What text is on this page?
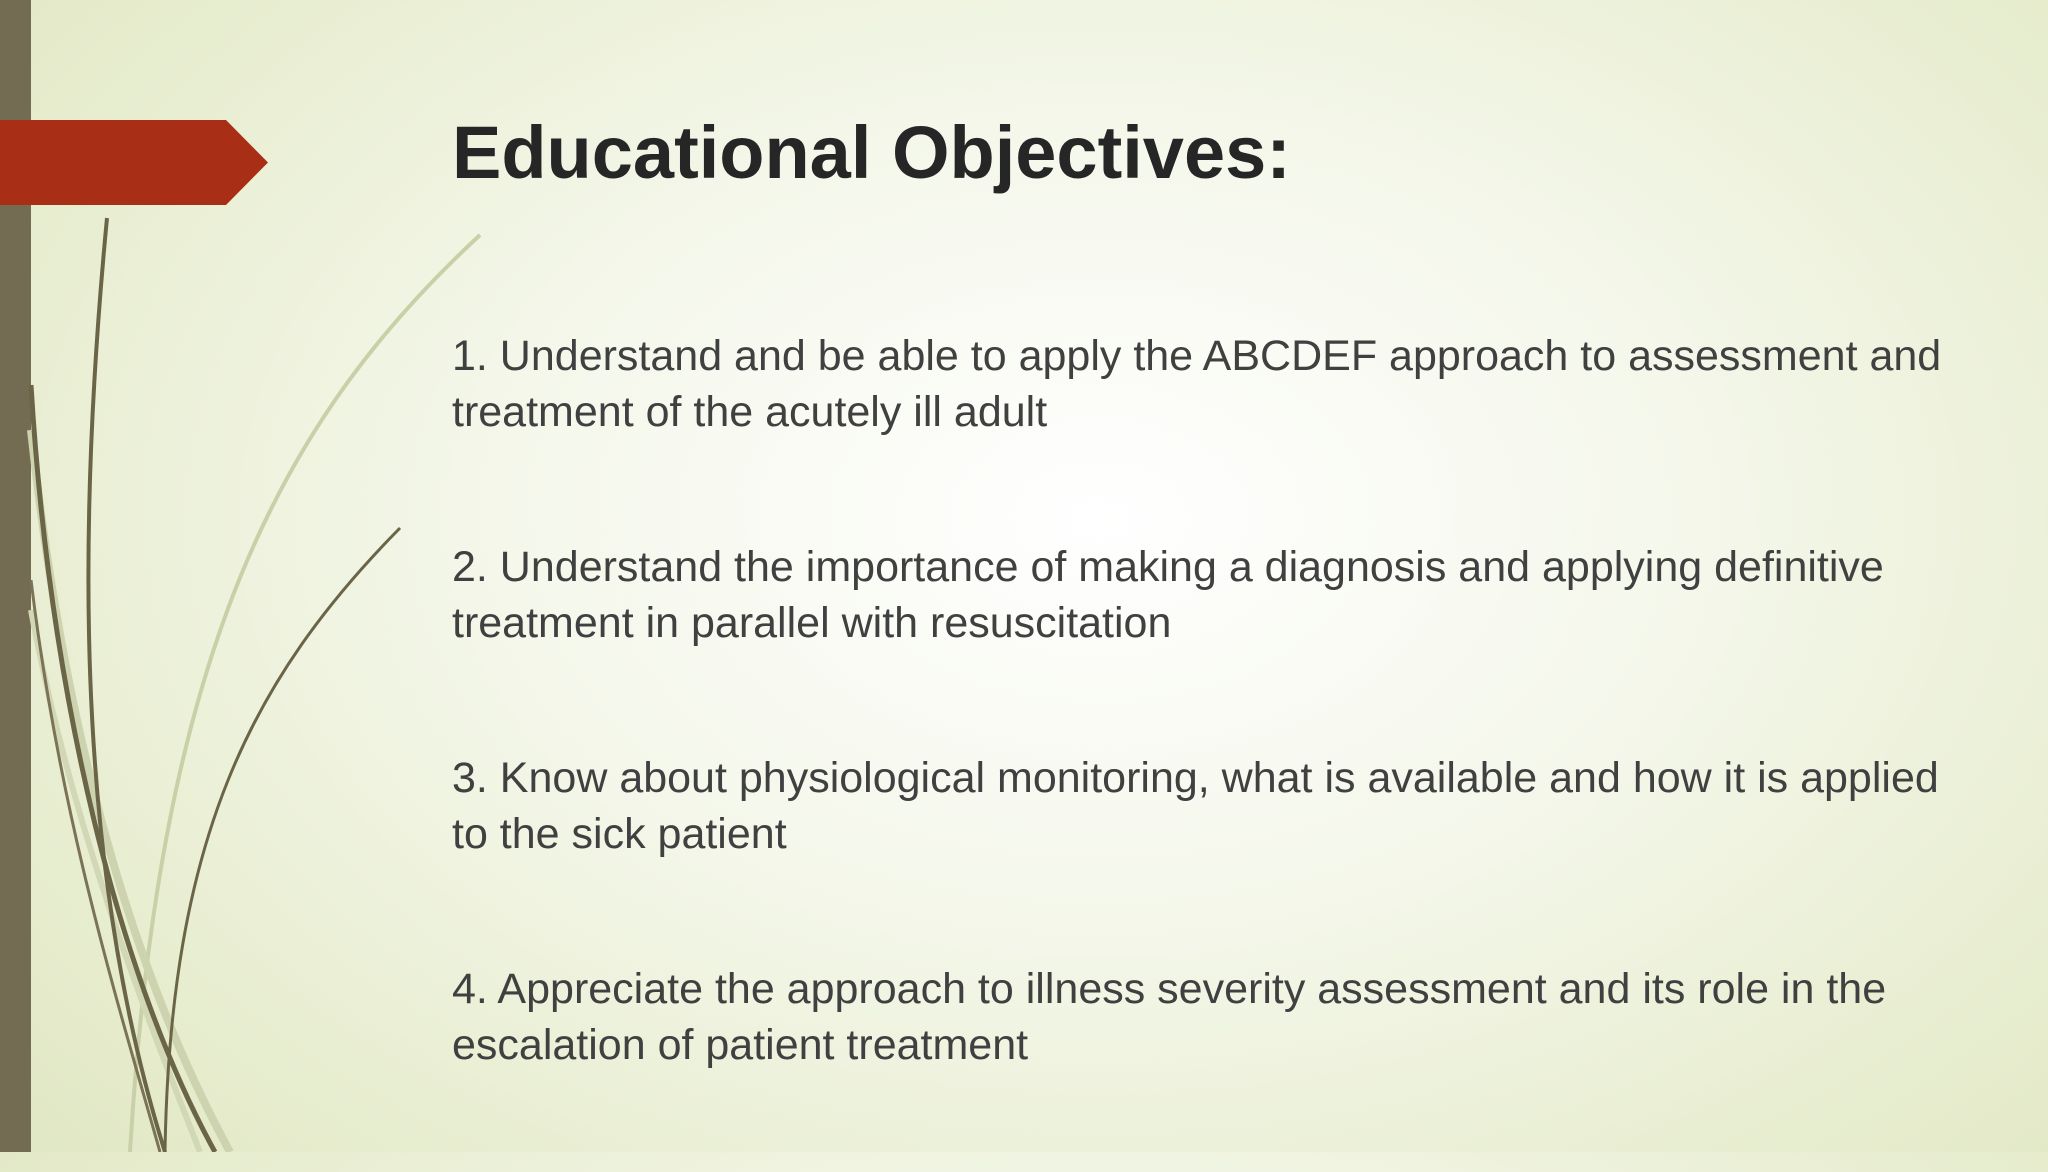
Educational Objectives:
1. Understand and be able to apply the ABCDEF approach to assessment and treatment of the acutely ill adult
2. Understand the importance of making a diagnosis and applying definitive treatment in parallel with resuscitation
3. Know about physiological monitoring, what is available and how it is applied to the sick patient
4. Appreciate the approach to illness severity assessment and its role in the escalation of patient treatment
